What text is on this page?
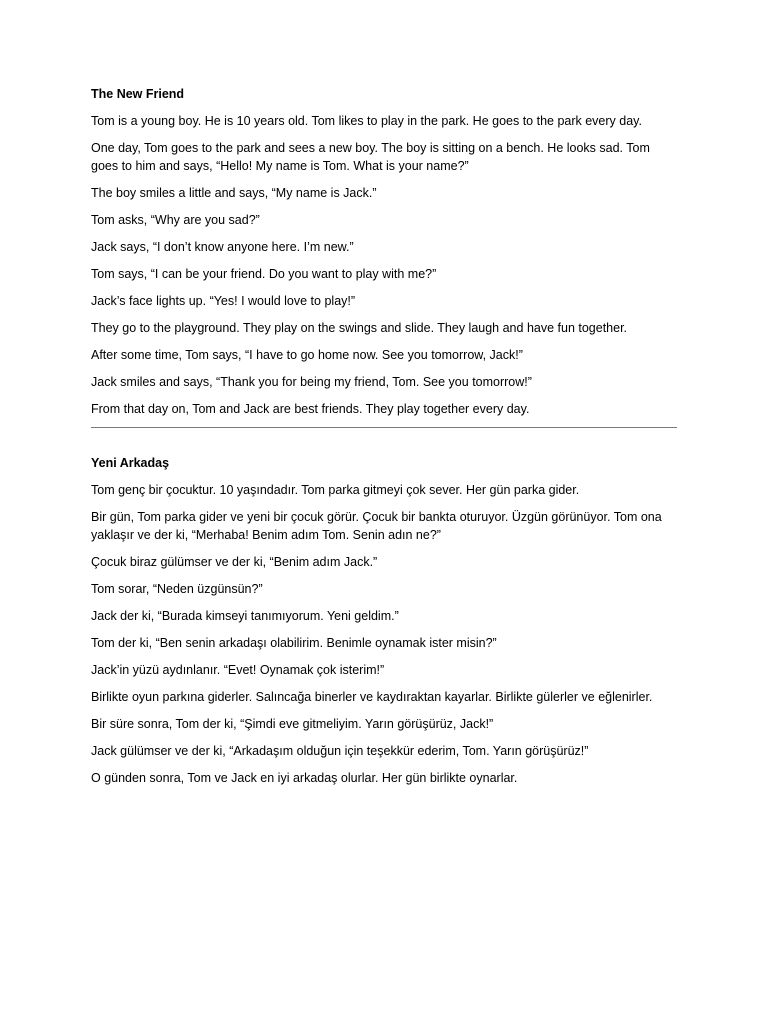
The New Friend

Tom is a young boy. He is 10 years old. Tom likes to play in the park. He goes to the park every day.

One day, Tom goes to the park and sees a new boy. The boy is sitting on a bench. He looks sad. Tom goes to him and says, “Hello! My name is Tom. What is your name?”

The boy smiles a little and says, “My name is Jack.”

Tom asks, “Why are you sad?”

Jack says, “I don’t know anyone here. I’m new.”

Tom says, “I can be your friend. Do you want to play with me?”

Jack’s face lights up. “Yes! I would love to play!”

They go to the playground. They play on the swings and slide. They laugh and have fun together.

After some time, Tom says, “I have to go home now. See you tomorrow, Jack!”

Jack smiles and says, “Thank you for being my friend, Tom. See you tomorrow!”

From that day on, Tom and Jack are best friends. They play together every day.

Yeni Arkadaş

Tom genç bir çocuktur. 10 yaşındadır. Tom parka gitmeyi çok sever. Her gün parka gider.

Bir gün, Tom parka gider ve yeni bir çocuk görür. Çocuk bir bankta oturuyor. Üzgün görünüyor. Tom ona yaklaşır ve der ki, “Merhaba! Benim adım Tom. Senin adın ne?”

Çocuk biraz gülümser ve der ki, “Benim adım Jack.”

Tom sorar, “Neden üzgünsün?”

Jack der ki, “Burada kimseyi tanımıyorum. Yeni geldim.”

Tom der ki, “Ben senin arkadaşı olabilirim. Benimle oynamak ister misin?”

Jack’in yüzü aydınlanır. “Evet! Oynamak çok isterim!”

Birlikte oyun parkına giderler. Salıncağa binerler ve kaydıraktan kayarlar. Birlikte gülerler ve eğlenirler.

Bir süre sonra, Tom der ki, “Şimdi eve gitmeliyim. Yarın görüşürüz, Jack!”

Jack gülümser ve der ki, “Arkadaşım olduğun için teşekkür ederim, Tom. Yarın görüşürüz!”

O günden sonra, Tom ve Jack en iyi arkadaş olurlar. Her gün birlikte oynarlar.
